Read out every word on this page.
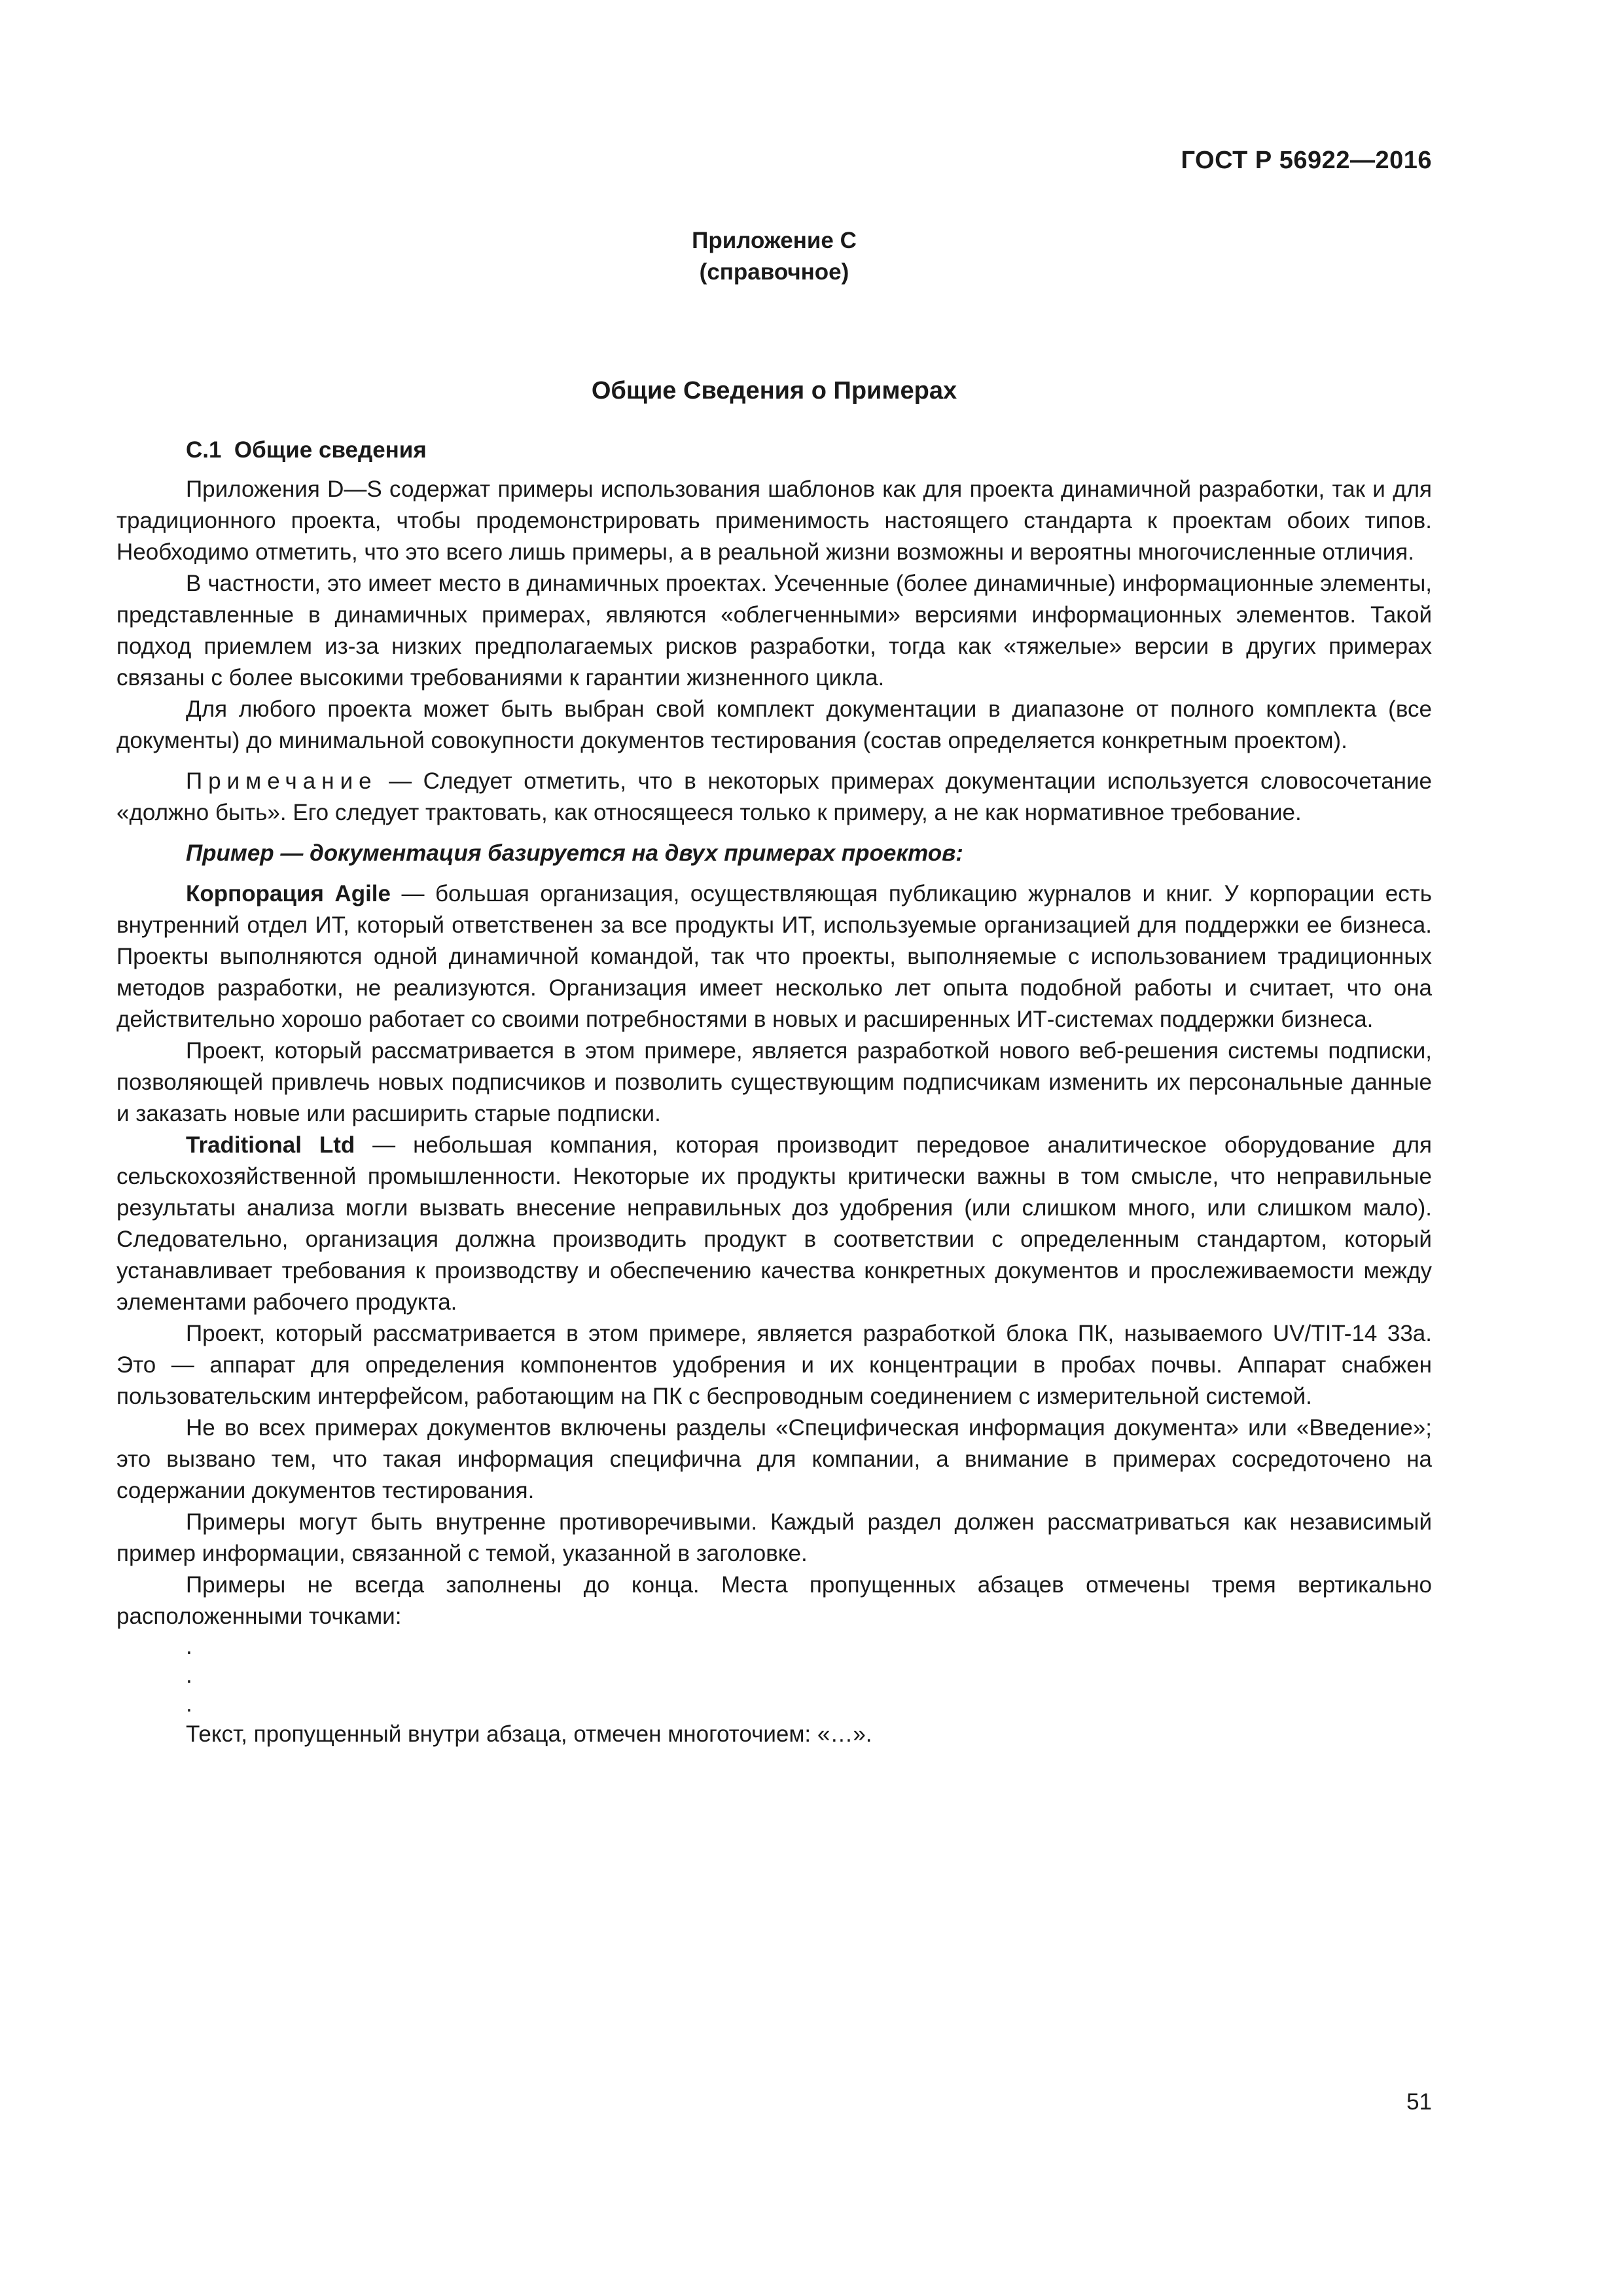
ГОСТ Р 56922—2016
Приложение С
(справочное)
Общие Сведения о Примерах
С.1 Общие сведения

Приложения D—S содержат примеры использования шаблонов как для проекта динамичной разработки, так и для традиционного проекта, чтобы продемонстрировать применимость настоящего стандарта к проектам обоих типов. Необходимо отметить, что это всего лишь примеры, а в реальной жизни возможны и вероятны многочисленные отличия.

В частности, это имеет место в динамичных проектах. Усеченные (более динамичные) информационные элементы, представленные в динамичных примерах, являются «облегченными» версиями информационных элементов. Такой подход приемлем из-за низких предполагаемых рисков разработки, тогда как «тяжелые» версии в других примерах связаны с более высокими требованиями к гарантии жизненного цикла.

Для любого проекта может быть выбран свой комплект документации в диапазоне от полного комплекта (все документы) до минимальной совокупности документов тестирования (состав определяется конкретным проектом).

Примечание — Следует отметить, что в некоторых примерах документации используется словосочетание «должно быть». Его следует трактовать, как относящееся только к примеру, а не как нормативное требование.

Пример — документация базируется на двух примерах проектов:

Корпорация Agile — большая организация, осуществляющая публикацию журналов и книг. У корпорации есть внутренний отдел ИТ, который ответственен за все продукты ИТ, используемые организацией для поддержки ее бизнеса. Проекты выполняются одной динамичной командой, так что проекты, выполняемые с использованием традиционных методов разработки, не реализуются. Организация имеет несколько лет опыта подобной работы и считает, что она действительно хорошо работает со своими потребностями в новых и расширенных ИТ-системах поддержки бизнеса.

Проект, который рассматривается в этом примере, является разработкой нового веб-решения системы подписки, позволяющей привлечь новых подписчиков и позволить существующим подписчикам изменить их персональные данные и заказать новые или расширить старые подписки.

Traditional Ltd — небольшая компания, которая производит передовое аналитическое оборудование для сельскохозяйственной промышленности. Некоторые их продукты критически важны в том смысле, что неправильные результаты анализа могли вызвать внесение неправильных доз удобрения (или слишком много, или слишком мало). Следовательно, организация должна производить продукт в соответствии с определенным стандартом, который устанавливает требования к производству и обеспечению качества конкретных документов и прослеживаемости между элементами рабочего продукта.

Проект, который рассматривается в этом примере, является разработкой блока ПК, называемого UV/TIT-14 33a. Это — аппарат для определения компонентов удобрения и их концентрации в пробах почвы. Аппарат снабжен пользовательским интерфейсом, работающим на ПК с беспроводным соединением с измерительной системой.

Не во всех примерах документов включены разделы «Специфическая информация документа» или «Введение»; это вызвано тем, что такая информация специфична для компании, а внимание в примерах сосредоточено на содержании документов тестирования.

Примеры могут быть внутренне противоречивыми. Каждый раздел должен рассматриваться как независимый пример информации, связанной с темой, указанной в заголовке.

Примеры не всегда заполнены до конца. Места пропущенных абзацев отмечены тремя вертикально расположенными точками:

.
.
.

Текст, пропущенный внутри абзаца, отмечен многоточием: «…».

51
